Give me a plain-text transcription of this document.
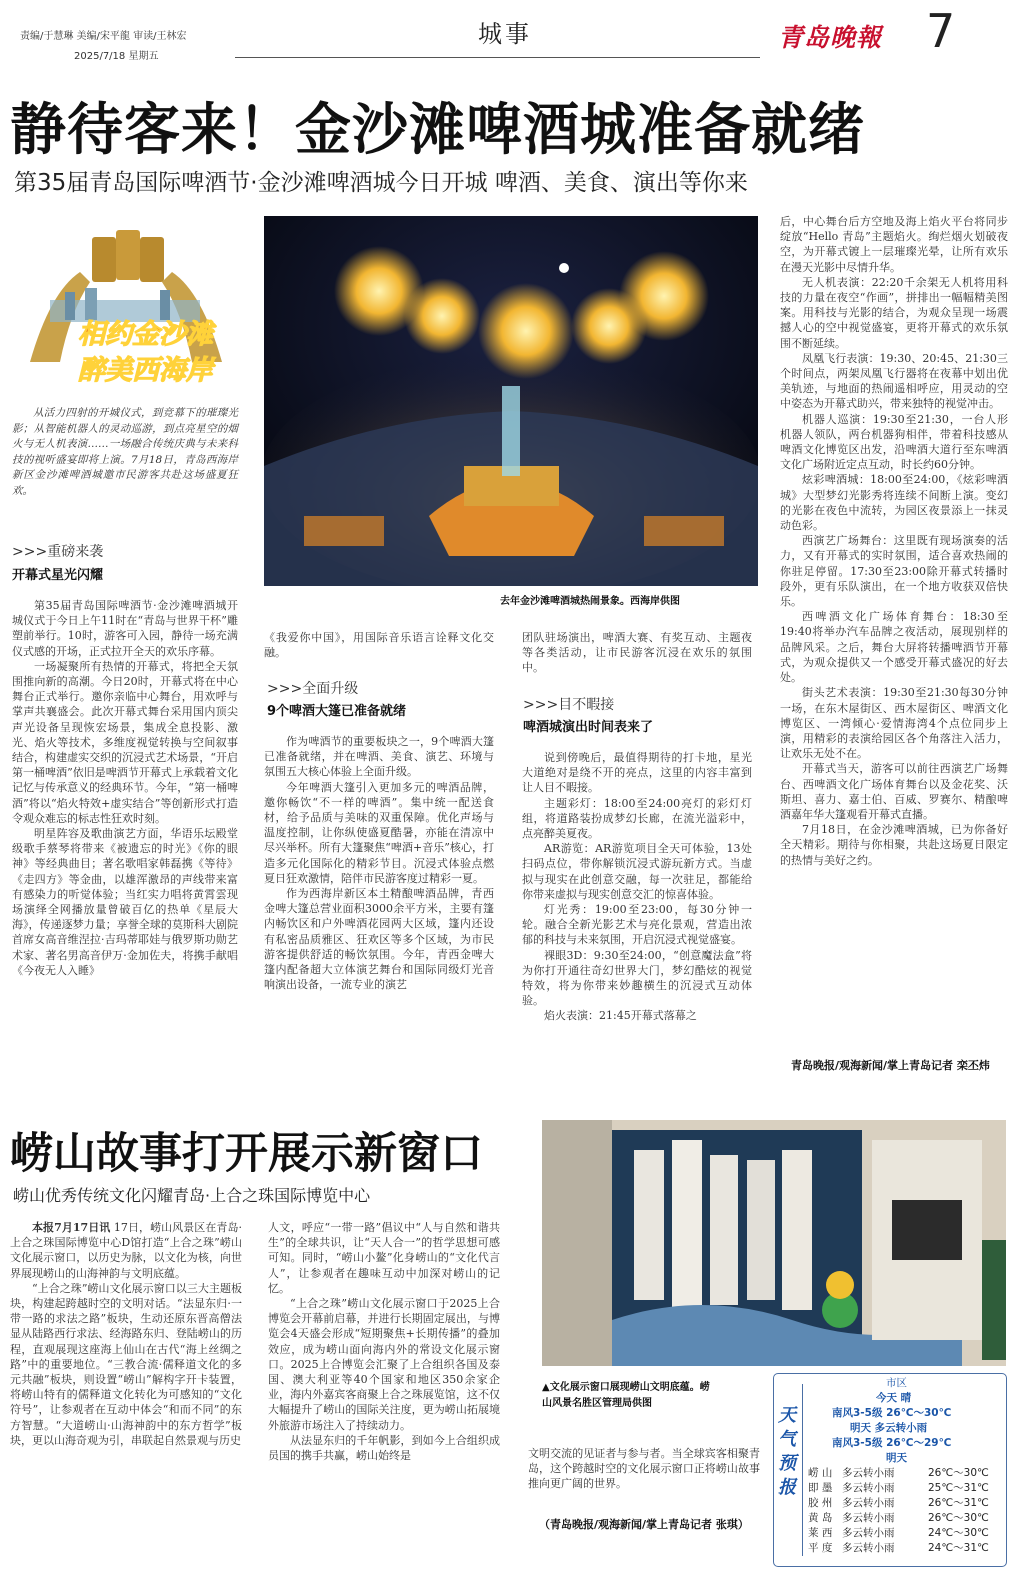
责编/于慧琳 美编/宋平龍 审读/王林宏
2025/7/18 星期五
城事	青岛晚報 7
静待客来！金沙滩啤酒城准备就绪
第35届青岛国际啤酒节·金沙滩啤酒城今日开城 啤酒、美食、演出等你来
相约金沙滩
醉美西海岸

从活力四射的开城仪式，到竞幕下的璀璨光影；从智能机器人的灵动巡游，到点亮星空的烟火与无人机表演……一场融合传统庆典与未来科技的视听盛宴即将上演。7月18日，青岛西海岸新区金沙滩啤酒城邀市民游客共赴这场盛夏狂欢。

>>>重磅来袭
开幕式星光闪耀

第35届青岛国际啤酒节·金沙滩啤酒城开城仪式于今日上午11时在“青岛与世界干杯”雕塑前举行。10时，游客可入园，静待一场充满仪式感的开场，正式拉开全天的欢乐序幕。

一场凝聚所有热情的开幕式，将把全天氛围推向新的高潮。今日20时，开幕式将在中心舞台正式举行。邀你亲临中心舞台，用欢呼与掌声共襄盛会。此次开幕式舞台采用国内顶尖声光设备呈现恢宏场景，集成全息投影、激光、焰火等技术，多维度视觉转换与空间叙事结合，构建虚实交织的沉浸式艺术场景，“开启第一桶啤酒”依旧是啤酒节开幕式上承载着文化记忆与传承意义的经典环节。今年，“第一桶啤酒”将以“焰火特效+虚实结合”等创新形式打造令观众难忘的标志性狂欢时刻。

明星阵容及歌曲演艺方面，华语乐坛殿堂级歌手蔡琴将带来《被遗忘的时光》《你的眼神》等经典曲目；著名歌唱家韩磊携《等待》《走四方》等金曲，以雄浑激昂的声线带来富有感染力的听觉体验；当红实力唱将黄霄雲现场演绎全网播放量曾破百亿的热单《星辰大海》，传递逐梦力量；享誉全球的莫斯科大剧院首席女高音维涅拉·吉玛蒂耶娃与俄罗斯功勋艺术家、著名男高音伊万·金加佐夫，将携手献唱《今夜无人入睡》

去年金沙滩啤酒城热闹景象。西海岸供图

《我爱你中国》，用国际音乐语言诠释文化交融。

>>>全面升级
9个啤酒大篷已准备就绪

作为啤酒节的重要板块之一，9个啤酒大篷已准备就绪，并在啤酒、美食、演艺、环境与氛围五大核心体验上全面升级。

今年啤酒大篷引入更加多元的啤酒品牌，邀你畅饮“不一样的啤酒”。集中统一配送食材，给予品质与美味的双重保障。优化声场与温度控制，让你纵使盛夏酷暑，亦能在清凉中尽兴举杯。所有大篷聚焦“啤酒+音乐”核心，打造多元化国际化的精彩节目。沉浸式体验点燃夏日狂欢激情，陪伴市民游客度过精彩一夏。

作为西海岸新区本土精酿啤酒品牌，青西金啤大篷总营业面积3000余平方米，主要有篷内畅饮区和户外啤酒花园两大区域，篷内还设有私密品质雅区、狂欢区等多个区域，为市民游客提供舒适的畅饮氛围。今年，青西金啤大篷内配备超大立体演艺舞台和国际同级灯光音响演出设备，一流专业的演艺

团队驻场演出，啤酒大赛、有奖互动、主题夜等各类活动，让市民游客沉浸在欢乐的氛围中。

>>>目不暇接
啤酒城演出时间表来了

说到傍晚后，最值得期待的打卡地，星光大道绝对是绕不开的亮点，这里的内容丰富到让人目不暇接。

主题彩灯：18:00至24:00亮灯的彩灯灯组，将道路装扮成梦幻长廊，在流光溢彩中，点亮醉美夏夜。

AR游览：AR游览项目全天可体验，13处扫码点位，带你解锁沉浸式游玩新方式。当虚拟与现实在此创意交融，每一次驻足，都能给你带来虚拟与现实创意交汇的惊喜体验。

灯光秀：19:00至23:00，每30分钟一轮。融合全新光影艺术与亮化景观，营造出浓郁的科技与未来氛围，开启沉浸式视觉盛宴。

裸眼3D：9:30至24:00，“创意魔法盒”将为你打开通往奇幻世界大门，梦幻酷炫的视觉特效，将为你带来妙趣横生的沉浸式互动体验。

焰火表演：21:45开幕式落幕之

后，中心舞台后方空地及海上焰火平台将同步绽放“Hello 青岛”主题焰火。绚烂烟火划破夜空，为开幕式镀上一层璀璨光晕，让所有欢乐在漫天光影中尽情升华。

无人机表演：22:20千余架无人机将用科技的力量在夜空“作画”，拼排出一幅幅精美图案。用科技与光影的结合，为观众呈现一场震撼人心的空中视觉盛宴，更将开幕式的欢乐氛围不断延续。

凤凰飞行表演：19:30、20:45、21:30三个时间点，两架凤凰飞行器将在夜幕中划出优美轨迹，与地面的热闹遥相呼应，用灵动的空中姿态为开幕式助兴，带来独特的视觉冲击。

机器人巡演：19:30至21:30，一台人形机器人领队，两台机器狗相伴，带着科技感从啤酒文化博览区出发，沿啤酒大道行至东啤酒文化广场附近定点互动，时长约60分钟。

炫彩啤酒城：18:00至24:00，《炫彩啤酒城》大型梦幻光影秀将连续不间断上演。变幻的光影在夜色中流转，为园区夜景添上一抹灵动色彩。

西演艺广场舞台：这里既有现场演奏的活力，又有开幕式的实时氛围，适合喜欢热闹的你驻足停留。17:30至23:00除开幕式转播时段外，更有乐队演出，在一个地方收获双倍快乐。

西啤酒文化广场体育舞台：18:30至19:40将举办汽车品牌之夜活动，展现别样的品牌风采。之后，舞台大屏将转播啤酒节开幕式，为观众提供又一个感受开幕式盛况的好去处。

街头艺术表演：19:30至21:30每30分钟一场，在东木屋街区、西木屋街区、啤酒文化博览区、一湾倾心·爱情海湾4个点位同步上演，用精彩的表演给园区各个角落注入活力，让欢乐无处不在。

开幕式当天，游客可以前往西演艺广场舞台、西啤酒文化广场体育舞台以及金花奖、沃斯坦、喜力、嘉士伯、百威、罗赛尔、精酿啤酒嘉年华大篷观看开幕式直播。

7月18日，在金沙滩啤酒城，已为你备好全天精彩。期待与你相聚，共赴这场夏日限定的热情与美好之约。

青岛晚报/观海新闻/掌上青岛记者 栾丕炜
崂山故事打开展示新窗口
崂山优秀传统文化闪耀青岛·上合之珠国际博览中心

本报7月17日讯 17日，崂山风景区在青岛·上合之珠国际博览中心D馆打造“上合之珠”崂山文化展示窗口，以历史为脉，以文化为核，向世界展现崂山的山海神韵与文明底蕴。

“上合之珠”崂山文化展示窗口以三大主题板块，构建起跨越时空的文明对话。“法显东归·一带一路的求法之路”板块，生动还原东晋高僧法显从陆路西行求法、经海路东归、登陆崂山的历程，直观展现这座海上仙山在古代“海上丝绸之路”中的重要地位。“三教合流·儒释道文化的多元共融”板块，则设置“崂山”解构字幵卡装置，将崂山特有的儒释道文化转化为可感知的“文化符号”，让参观者在互动中体会“和而不同”的东方智慧。“大道崂山·山海神韵中的东方哲学”板块，更以山海奇观为引，串联起自然景观与历史

人文，呼应“一带一路”倡议中“人与自然和谐共生”的全球共识，让“天人合一”的哲学思想可感可知。同时，“崂山小鳌”化身崂山的“文化代言人”，让参观者在趣味互动中加深对崂山的记忆。

“上合之珠”崂山文化展示窗口于2025上合博览会开幕前启幕，并进行长期固定展出，与博览会4天盛会形成“短期聚焦+长期传播”的叠加效应，成为崂山面向海内外的常设文化展示窗口。2025上合博览会汇聚了上合组织各国及泰国、澳大利亚等40个国家和地区350余家企业，海内外嘉宾客商聚上合之珠展览馆，这不仅大幅提升了崂山的国际关注度，更为崂山拓展境外旅游市场注入了持续动力。

从法显东归的千年帆影，到如今上合组织成员国的携手共赢，崂山始终是

▲文化展示窗口展现崂山文明底蕴。崂山风景名胜区管理局供图

文明交流的见证者与参与者。当全球宾客相聚青岛，这个跨越时空的文化展示窗口正将崂山故事推向更广阔的世界。

（青岛晚报/观海新闻/掌上青岛记者 张琪）
天气预报
市区
今天 晴
南风3-5级 26℃～30℃
明天 多云转小雨
南风3-5级 26℃～29℃
明天
崂 山 多云转小雨	26℃～30℃
即 墨 多云转小雨	25℃～31℃
胶 州 多云转小雨	26℃～31℃
黄 岛 多云转小雨	26℃～30℃
莱 西 多云转小雨	24℃～30℃
平 度 多云转小雨	24℃～31℃
